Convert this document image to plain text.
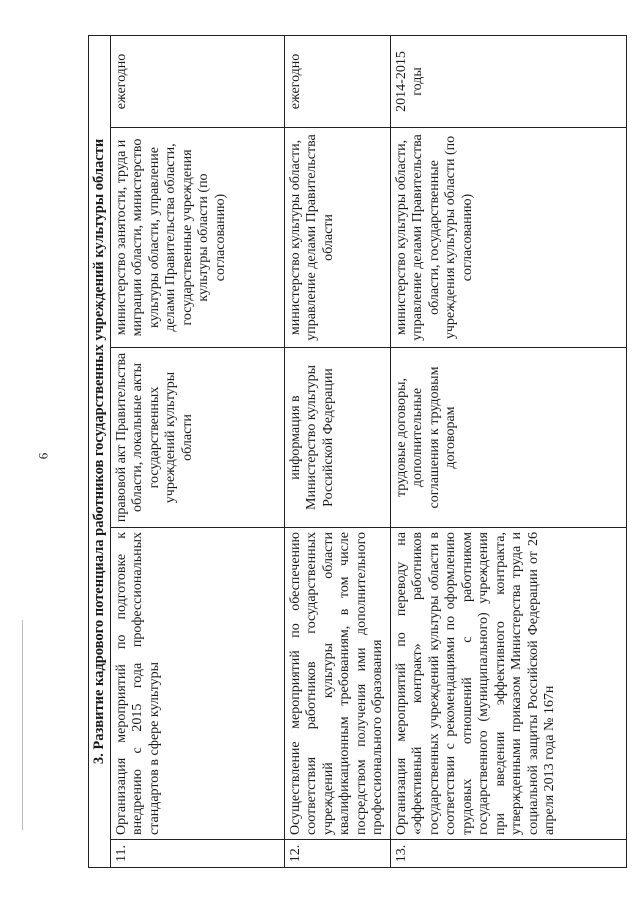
6	3. Развитие кадрового потенциала работников государственных учреждений культуры области				
11.	Организация мероприятий по подготовке к внедрению с 2015 года профессиональных стандартов в сфере культуры	правовой акт Правительства области, локальные акты государственных учреждений культуры области	министерство занятости, труда и миграции области, министерство культуры области, управление делами Правительства области, государственные учреждения культуры области (по согласованию)	ежегодно
12.	Осуществление мероприятий по обеспечению соответствия работников государственных учреждений культуры области квалификационным требованиям, в том числе посредством получения ими дополнительного профессионального образования	информация в Министерство культуры Российской Федерации	министерство культуры области, управление делами Правительства области	ежегодно
13.	Организация мероприятий по переводу на «эффективный контракт» работников государственных учреждений культуры области в соответствии с рекомендациями по оформлению трудовых отношений с работником государственного (муниципального) учреждения при введении эффективного контракта, утвержденными приказом Министерства труда и социальной защиты Российской Федерации от 26 апреля 2013 года № 167н	трудовые договоры, дополнительные соглашения к трудовым договорам	министерство культуры области, управление делами Правительства области, государственные учреждения культуры области (по согласованию)	2014-2015 годы
